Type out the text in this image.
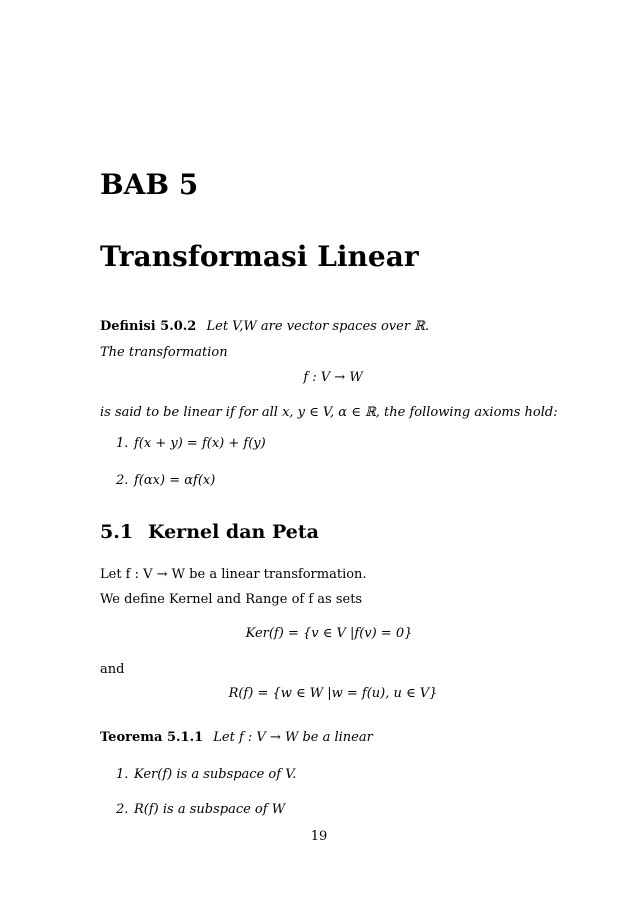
BAB 5
Transformasi Linear
Definisi 5.0.2 Let V,W are vector spaces over ℝ.
The transformation
f : V → W
is said to be linear if for all x, y ∈ V, α ∈ ℝ, the following axioms hold:
1. f(x + y) = f(x) + f(y)
2. f(αx) = αf(x)
5.1 Kernel dan Peta
Let f : V → W be a linear transformation.
We define Kernel and Range of f as sets
Ker(f) = {v ∈ V |f(v) = 0}
and
R(f) = {w ∈ W |w = f(u), u ∈ V}
Teorema 5.1.1 Let f : V → W be a linear
1. Ker(f) is a subspace of V.
2. R(f) is a subspace of W
19
